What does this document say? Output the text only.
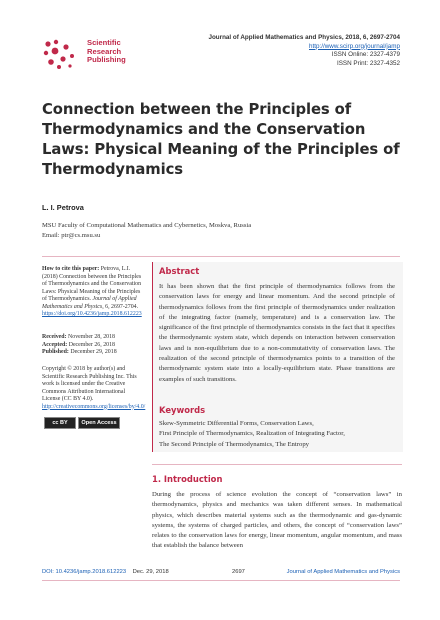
Scientific
Research
Publishing
Journal of Applied Mathematics and Physics, 2018, 6, 2697-2704
http://www.scirp.org/journal/jamp
ISSN Online: 2327-4379
ISSN Print: 2327-4352
Connection between the Principles of Thermodynamics and the Conservation Laws: Physical Meaning of the Principles of Thermodynamics
L. I. Petrova
MSU Faculty of Computational Mathematics and Cybernetics, Moskva, Russia
Email: ptr@cs.msu.su
How to cite this paper: Petrova, L.I. (2018) Connection between the Principles of Thermodynamics and the Conservation Laws: Physical Meaning of the Principles of Thermodynamics. Journal of Applied Mathematics and Physics, 6, 2697-2704. https://doi.org/10.4236/jamp.2018.612223
Received: November 28, 2018
Accepted: December 26, 2018
Published: December 29, 2018
Copyright © 2018 by author(s) and Scientific Research Publishing Inc. This work is licensed under the Creative Commons Attribution International License (CC BY 4.0). http://creativecommons.org/licenses/by/4.0/
cc BY	Open Access
Abstract
It has been shown that the first principle of thermodynamics follows from the conservation laws for energy and linear momentum. And the second principle of thermodynamics follows from the first principle of thermodynamics under realization of the integrating factor (namely, temperature) and is a conservation law. The significance of the first principle of thermodynamics consists in the fact that it specifies the thermodynamic system state, which depends on interaction between conservation laws and is non-equilibrium due to a non-commutativity of conservation laws. The realization of the second principle of thermodynamics points to a transition of the thermodynamic system state into a locally-equilibrium state. Phase transitions are examples of such transitions.
Keywords
Skew-Symmetric Differential Forms, Conservation Laws,
First Principle of Thermodynamics, Realization of Integrating Factor,
The Second Principle of Thermodynamics, The Entropy
1. Introduction
During the process of science evolution the concept of “conservation laws” in thermodynamics, physics and mechanics was taken different senses. In mathematical physics, which describes material systems such as the thermodynamic and gas-dynamic systems, the systems of charged particles, and others, the concept of “conservation laws” relates to the conservation laws for energy, linear momentum, angular momentum, and mass that establish the balance between
DOI: 10.4236/jamp.2018.612223 Dec. 29, 2018	2697	Journal of Applied Mathematics and Physics
